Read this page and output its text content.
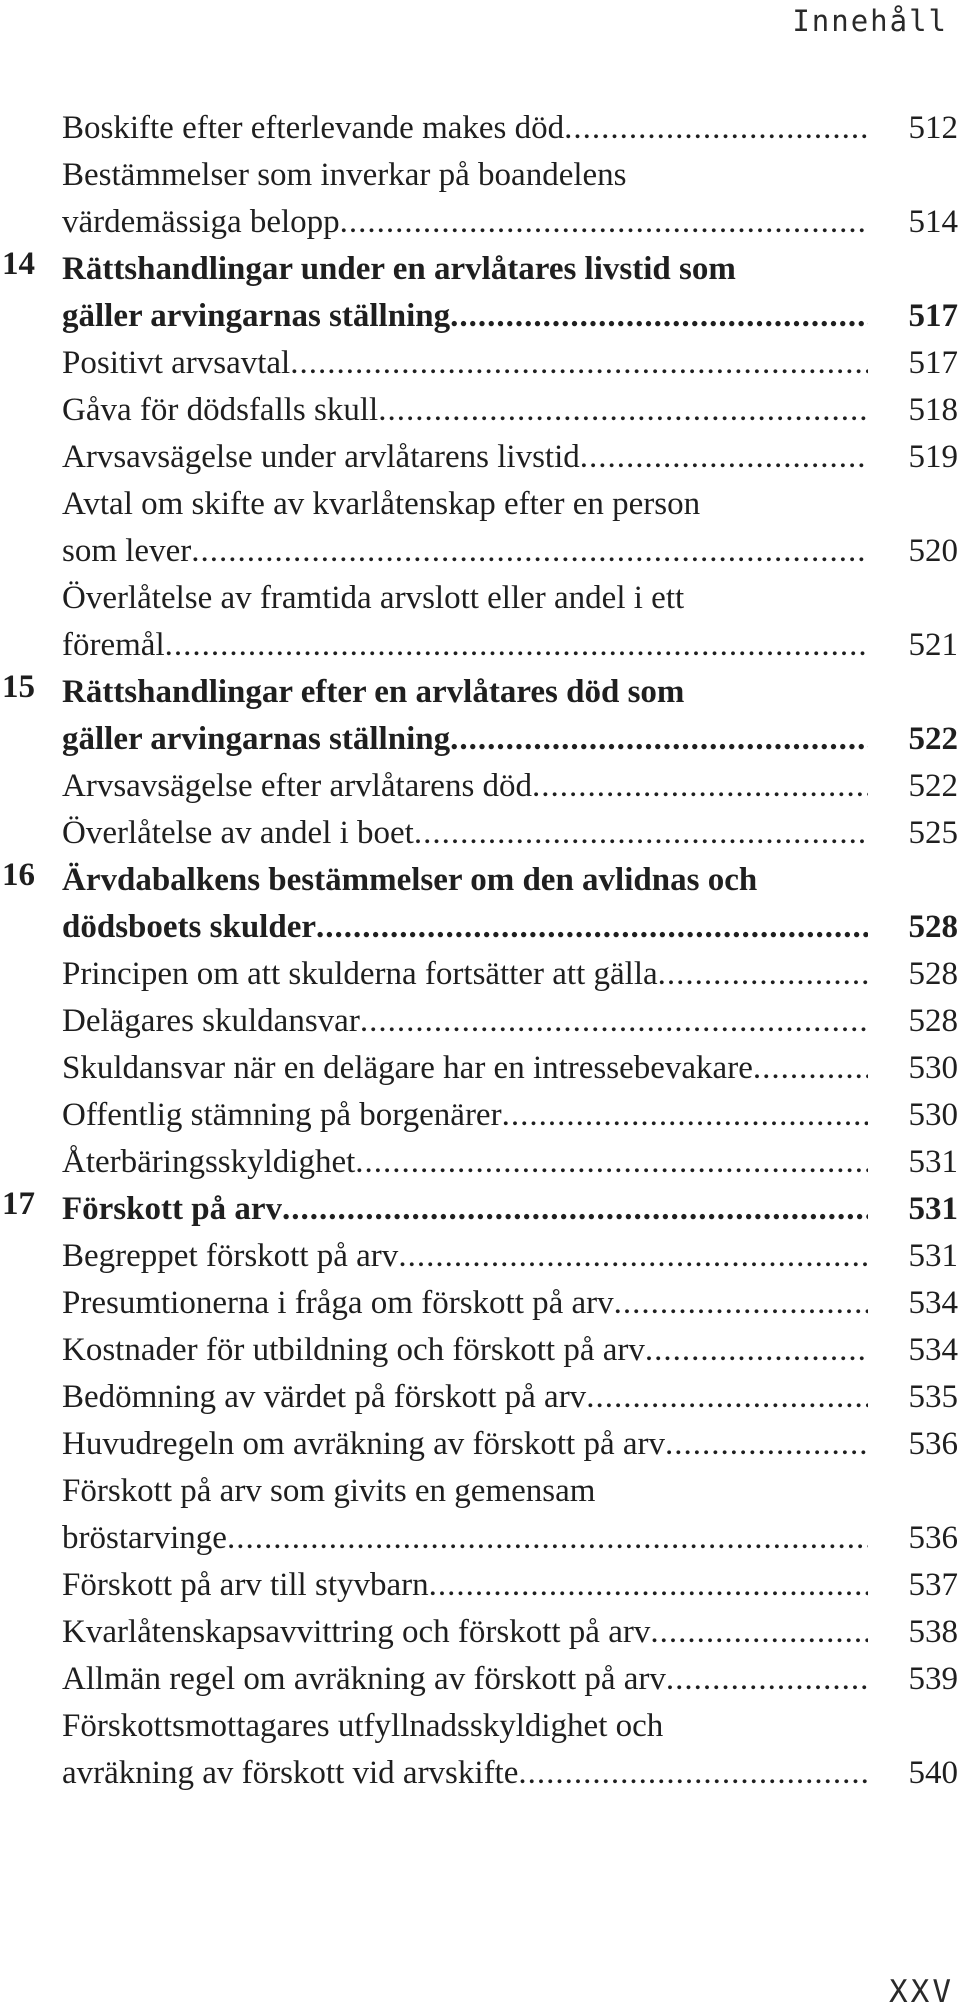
Innehåll
Boskifte efter efterlevande makes död .....	512
Bestämmelser som inverkar på boandelens
värdemässiga belopp .....	514
14 Rättshandlingar under en arvlåtares livstid som
gäller arvingarnas ställning .....	517
Positivt arvsavtal .....	517
Gåva för dödsfalls skull .....	518
Arvsavsägelse under arvlåtarens livstid .....	519
Avtal om skifte av kvarlåtenskap efter en person
som lever .....	520
Överlåtelse av framtida arvslott eller andel i ett
föremål .....	521
15 Rättshandlingar efter en arvlåtares död som
gäller arvingarnas ställning .....	522
Arvsavsägelse efter arvlåtarens död .....	522
Överlåtelse av andel i boet .....	525
16 Ärvdabalkens bestämmelser om den avlidnas och
dödsboets skulder .....	528
Principen om att skulderna fortsätter att gälla .....	528
Delägares skuldansvar .....	528
Skuldansvar när en delägare har en intressebevakare .....	530
Offentlig stämning på borgenärer .....	530
Återbäringsskyldighet .....	531
17 Förskott på arv .....	531
Begreppet förskott på arv .....	531
Presumtionerna i fråga om förskott på arv .....	534
Kostnader för utbildning och förskott på arv .....	534
Bedömning av värdet på förskott på arv .....	535
Huvudregeln om avräkning av förskott på arv .....	536
Förskott på arv som givits en gemensam
bröstarvinge .....	536
Förskott på arv till styvbarn .....	537
Kvarlåtenskapsavvittring och förskott på arv .....	538
Allmän regel om avräkning av förskott på arv .....	539
Förskottsmottagares utfyllnadsskyldighet och
avräkning av förskott vid arvskifte .....	540
XXV
